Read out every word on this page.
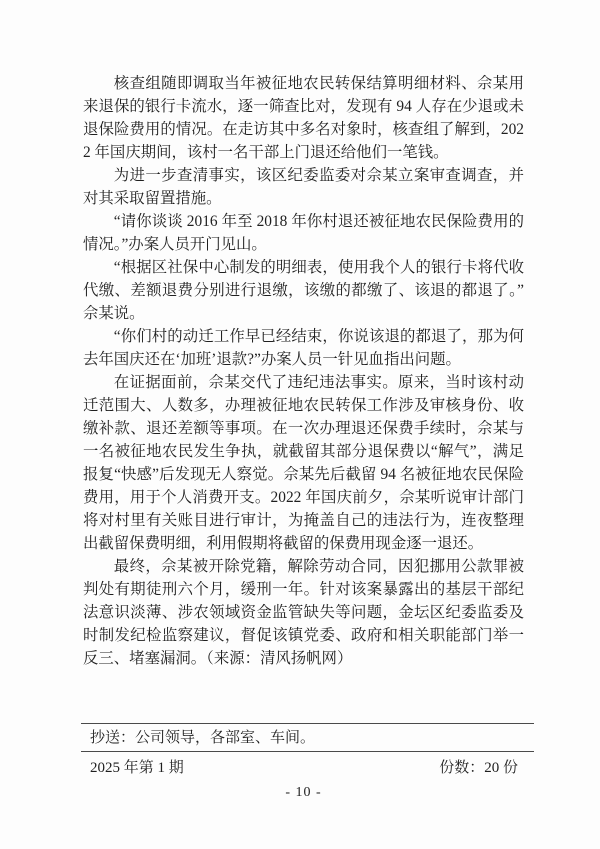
核查组随即调取当年被征地农民转保结算明细材料、佘某用来退保的银行卡流水，逐一筛查比对，发现有 94 人存在少退或未退保险费用的情况。在走访其中多名对象时，核查组了解到，2022 年国庆期间，该村一名干部上门退还给他们一笔钱。

为进一步查清事实，该区纪委监委对佘某立案审查调查，并对其采取留置措施。

“请你谈谈 2016 年至 2018 年你村退还被征地农民保险费用的情况。”办案人员开门见山。

“根据区社保中心制发的明细表，使用我个人的银行卡将代收代缴、差额退费分别进行退缴，该缴的都缴了、该退的都退了。”佘某说。

“你们村的动迁工作早已经结束，你说该退的都退了，那为何去年国庆还在‘加班’退款?”办案人员一针见血指出问题。

在证据面前，佘某交代了违纪违法事实。原来，当时该村动迁范围大、人数多，办理被征地农民转保工作涉及审核身份、收缴补款、退还差额等事项。在一次办理退还保费手续时，佘某与一名被征地农民发生争执，就截留其部分退保费以“解气”，满足报复“快感”后发现无人察觉。佘某先后截留 94 名被征地农民保险费用，用于个人消费开支。2022 年国庆前夕，佘某听说审计部门将对村里有关账目进行审计，为掩盖自己的违法行为，连夜整理出截留保费明细，利用假期将截留的保费用现金逐一退还。

最终，佘某被开除党籍，解除劳动合同，因犯挪用公款罪被判处有期徒刑六个月，缓刑一年。针对该案暴露出的基层干部纪法意识淡薄、涉农领域资金监管缺失等问题，金坛区纪委监委及时制发纪检监察建议，督促该镇党委、政府和相关职能部门举一反三、堵塞漏洞。（来源：清风扬帆网）

抄送：公司领导，各部室、车间。
2025 年第 1 期	份数：20 份
- 10 -
